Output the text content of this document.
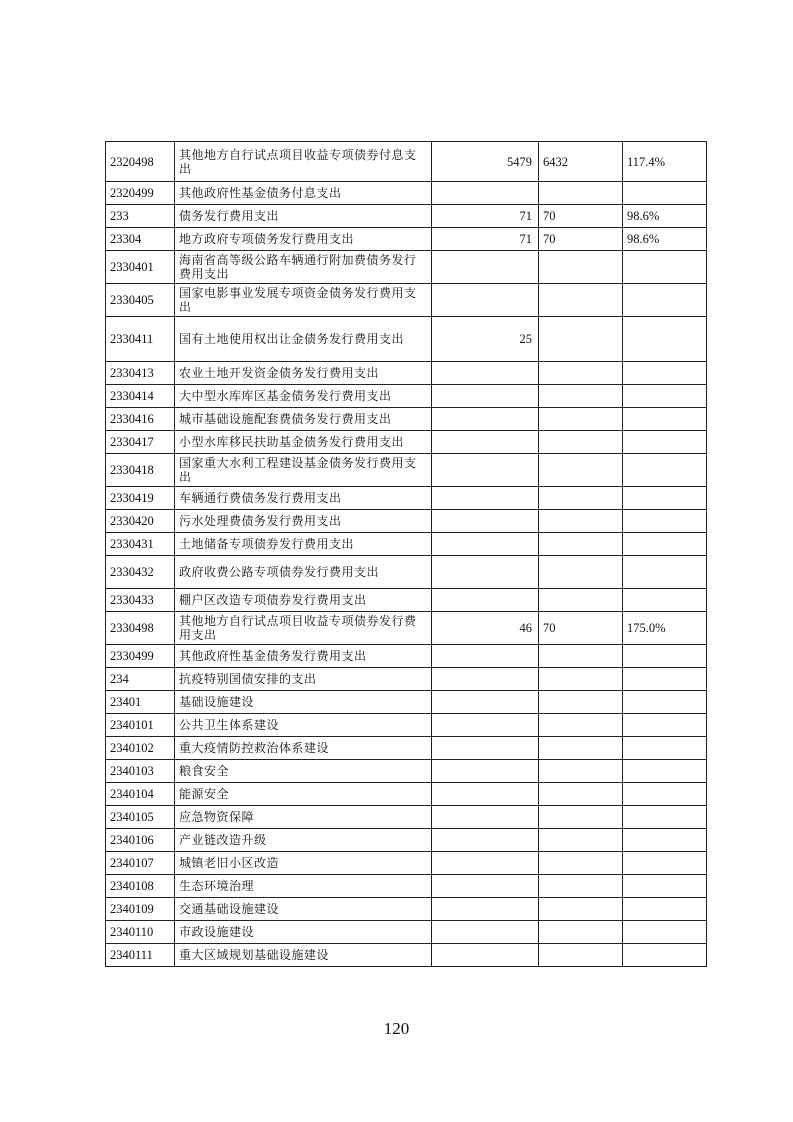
2320498	其他地方自行试点项目收益专项债券付息支出	5479	6432	117.4%
2320499	其他政府性基金债务付息支出			
233	债务发行费用支出	71	70	98.6%
23304	地方政府专项债务发行费用支出	71	70	98.6%
2330401	海南省高等级公路车辆通行附加费债务发行费用支出			
2330405	国家电影事业发展专项资金债务发行费用支出			
2330411	国有土地使用权出让金债务发行费用支出	25		
2330413	农业土地开发资金债务发行费用支出			
2330414	大中型水库库区基金债务发行费用支出			
2330416	城市基础设施配套费债务发行费用支出			
2330417	小型水库移民扶助基金债务发行费用支出			
2330418	国家重大水利工程建设基金债务发行费用支出			
2330419	车辆通行费债务发行费用支出			
2330420	污水处理费债务发行费用支出			
2330431	土地储备专项债券发行费用支出			
2330432	政府收费公路专项债券发行费用支出			
2330433	棚户区改造专项债券发行费用支出			
2330498	其他地方自行试点项目收益专项债券发行费用支出	46	70	175.0%
2330499	其他政府性基金债务发行费用支出			
234	抗疫特别国债安排的支出			
23401	基础设施建设			
2340101	公共卫生体系建设			
2340102	重大疫情防控救治体系建设			
2340103	粮食安全			
2340104	能源安全			
2340105	应急物资保障			
2340106	产业链改造升级			
2340107	城镇老旧小区改造			
2340108	生态环境治理			
2340109	交通基础设施建设			
2340110	市政设施建设			
2340111	重大区域规划基础设施建设			
120
